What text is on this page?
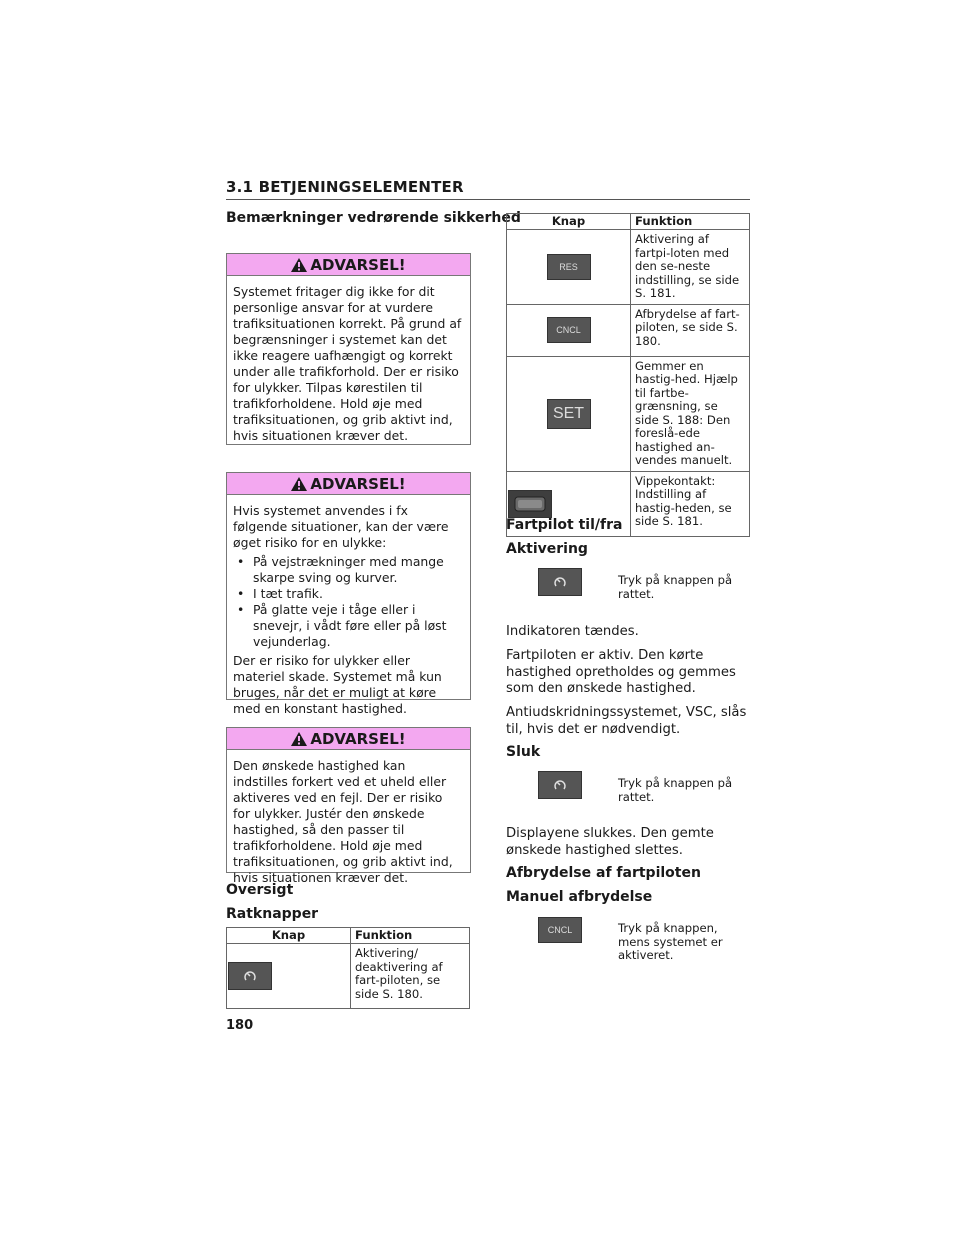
3.1 BETJENINGSELEMENTER
Bemærkninger vedrørende sikkerhed
ADVARSEL!

Systemet fritager dig ikke for dit personlige ansvar for at vurdere trafiksituationen korrekt. På grund af begrænsninger i systemet kan det ikke reagere uafhængigt og korrekt under alle trafikforhold. Der er risiko for ulykker. Tilpas kørestilen til trafikforholdene. Hold øje med trafiksituationen, og grib aktivt ind, hvis situationen kræver det.

ADVARSEL!

Hvis systemet anvendes i fx følgende situationer, kan der være øget risiko for en ulykke:

• På vejstrækninger med mange skarpe sving og kurver.
• I tæt trafik.
• På glatte veje i tåge eller i snevejr, i vådt føre eller på løst vejunderlag.

Der er risiko for ulykker eller materiel skade. Systemet må kun bruges, når det er muligt at køre med en konstant hastighed.

ADVARSEL!

Den ønskede hastighed kan indstilles forkert ved et uheld eller aktiveres ved en fejl. Der er risiko for ulykker. Justér den ønskede hastighed, så den passer til trafikforholdene. Hold øje med trafiksituationen, og grib aktivt ind, hvis situationen kræver det.

Oversigt
Ratknapper
Knap	Funktion

	Aktivering/ deaktivering af fart-piloten, se side S. 180.
180
Knap	Funktion
RES	Aktivering af fartpi-loten med den se-neste indstilling, se side S. 181.
CNCL	Afbrydelse af fart-piloten, se side S. 180.
SET	Gemmer en hastig-hed. Hjælp til fartbe-grænsning, se side S. 188: Den foreslå-ede hastighed an-vendes manuelt.

	Vippekontakt: Indstilling af hastig-heden, se side S. 181.
Fartpilot til/fra
Aktivering
Tryk på knappen på rattet.

Indikatoren tændes.

Fartpiloten er aktiv. Den kørte hastighed opretholdes og gemmes som den ønskede hastighed.

Antiudskridningssystemet, VSC, slås til, hvis det er nødvendigt.

Sluk
Tryk på knappen på rattet.

Displayene slukkes. Den gemte ønskede hastighed slettes.

Afbrydelse af fartpiloten
Manuel afbrydelse
CNCL	Tryk på knappen, mens systemet er aktiveret.
